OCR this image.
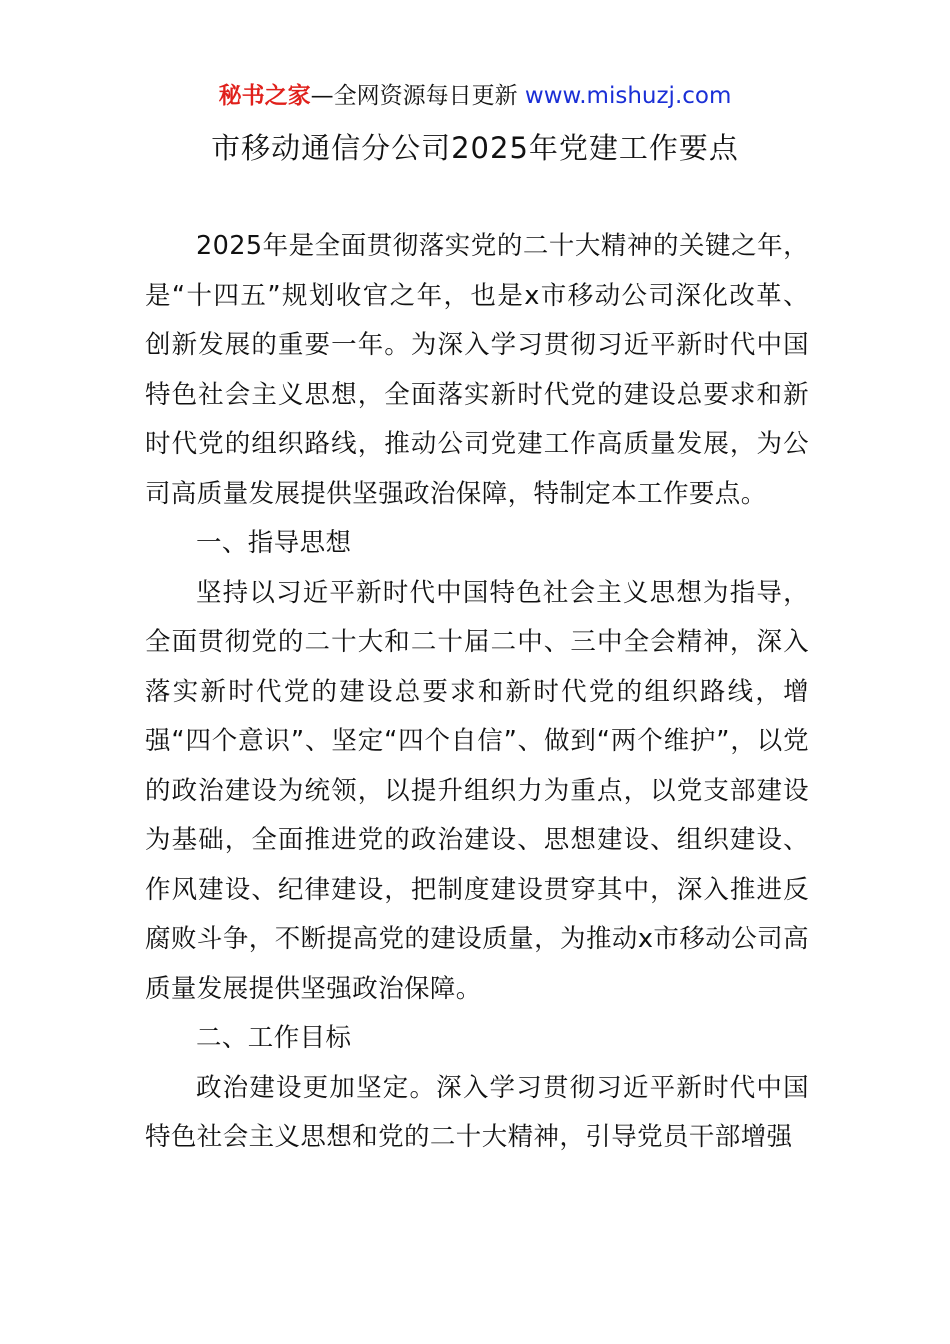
秘书之家—全网资源每日更新 www.mishuzj.com
市移动通信分公司2025年党建工作要点

2025年是全面贯彻落实党的二十大精神的关键之年，是“十四五”规划收官之年，也是x市移动公司深化改革、创新发展的重要一年。为深入学习贯彻习近平新时代中国特色社会主义思想，全面落实新时代党的建设总要求和新时代党的组织路线，推动公司党建工作高质量发展，为公司高质量发展提供坚强政治保障，特制定本工作要点。

一、指导思想

坚持以习近平新时代中国特色社会主义思想为指导，全面贯彻党的二十大和二十届二中、三中全会精神，深入落实新时代党的建设总要求和新时代党的组织路线，增强“四个意识”、坚定“四个自信”、做到“两个维护”，以党的政治建设为统领，以提升组织力为重点，以党支部建设为基础，全面推进党的政治建设、思想建设、组织建设、作风建设、纪律建设，把制度建设贯穿其中，深入推进反腐败斗争，不断提高党的建设质量，为推动x市移动公司高质量发展提供坚强政治保障。

二、工作目标

政治建设更加坚定。深入学习贯彻习近平新时代中国特色社会主义思想和党的二十大精神，引导党员干部增强
